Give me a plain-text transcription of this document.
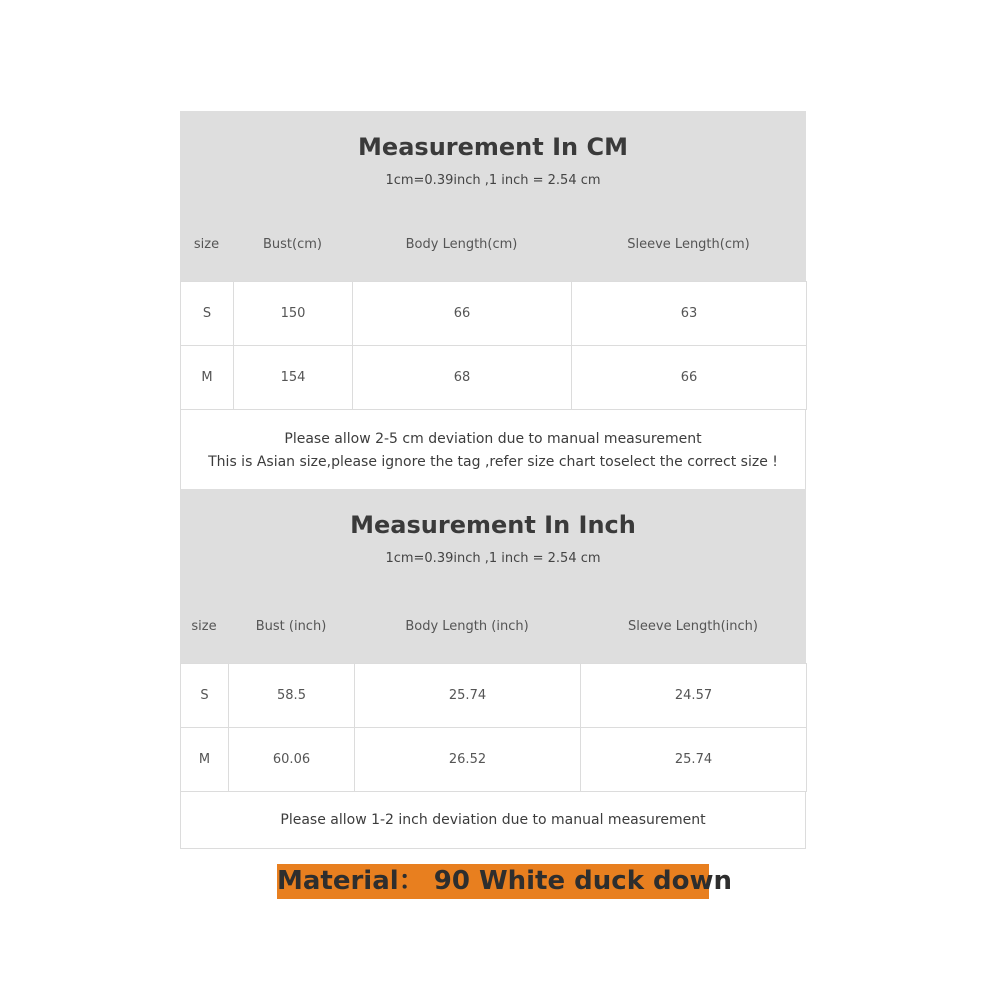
Measurement In CM
1cm=0.39inch ,1 inch = 2.54 cm
size	Bust(cm)	Body Length(cm)	Sleeve Length(cm)
S	150	66	63
M	154	68	66
Please allow 2-5 cm deviation due to manual measurement
This is Asian size,please ignore the tag ,refer size chart toselect the correct size !
Measurement In Inch
1cm=0.39inch ,1 inch = 2.54 cm
size	Bust (inch)	Body Length (inch)	Sleeve Length(inch)
S	58.5	25.74	24.57
M	60.06	26.52	25.74
Please allow 1-2 inch deviation due to manual measurement
Material： 90 White duck down
